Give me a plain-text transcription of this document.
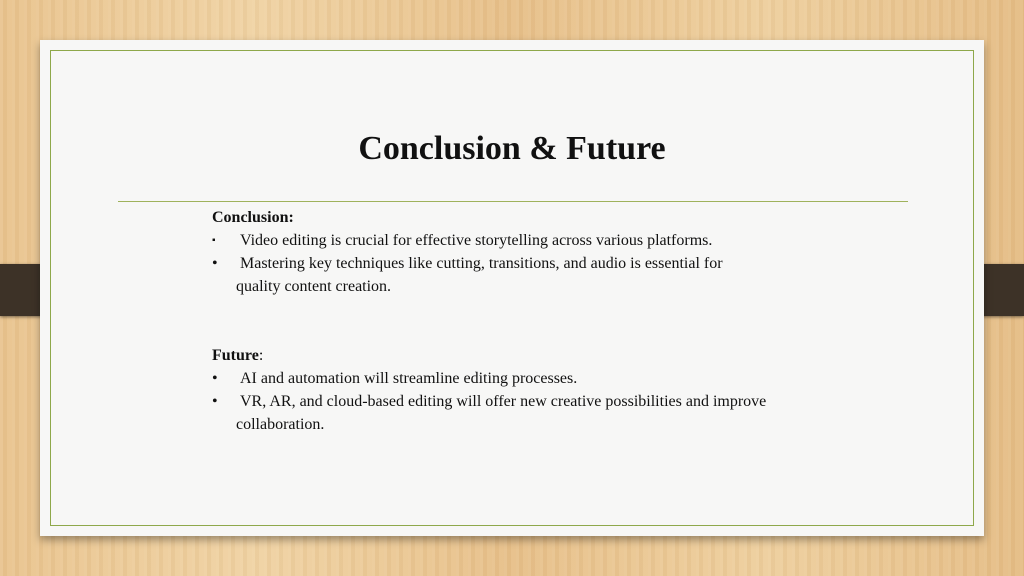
Conclusion & Future

Conclusion:

▪	Video editing is crucial for effective storytelling across various platforms.
•	Mastering key techniques like cutting, transitions, and audio is essential for
quality content creation.

Future:

•	AI and automation will streamline editing processes.
•	VR, AR, and cloud-based editing will offer new creative possibilities and improve
collaboration.
